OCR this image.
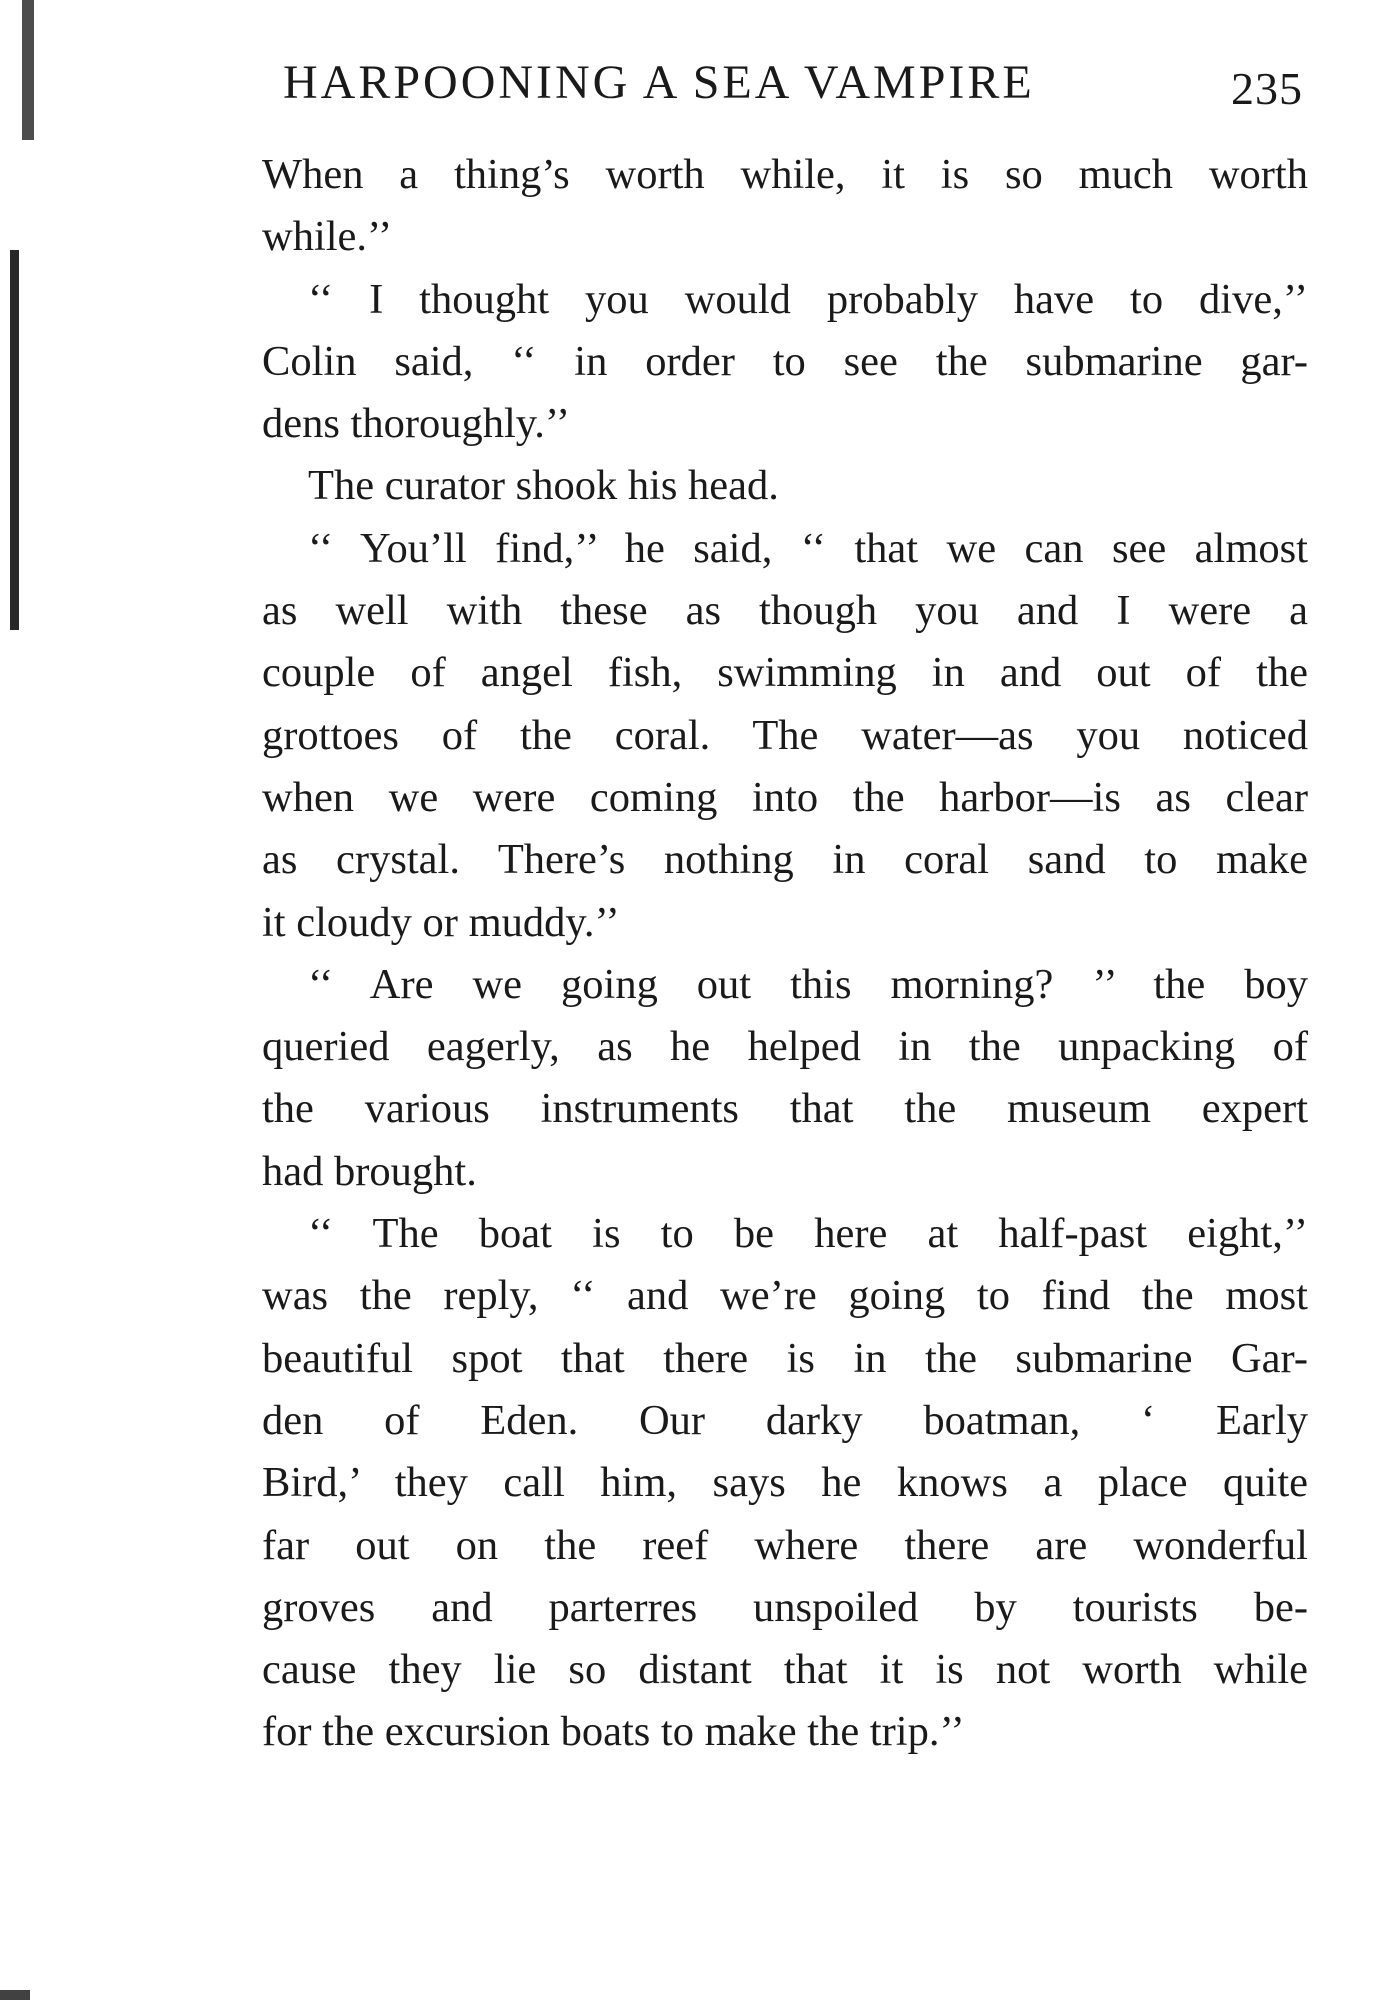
HARPOONING A SEA VAMPIRE	235
When a thing’s worth while, it is so much worth
while.’’
‘‘ I thought you would probably have to dive,’’
Colin said, ‘‘ in order to see the submarine gar-
dens thoroughly.’’
The curator shook his head.
‘‘ You’ll find,’’ he said, ‘‘ that we can see almost
as well with these as though you and I were a
couple of angel fish, swimming in and out of the
grottoes of the coral. The water—as you noticed
when we were coming into the harbor—is as clear
as crystal. There’s nothing in coral sand to make
it cloudy or muddy.’’
‘‘ Are we going out this morning? ’’ the boy
queried eagerly, as he helped in the unpacking of
the various instruments that the museum expert
had brought.
‘‘ The boat is to be here at half-past eight,’’
was the reply, ‘‘ and we’re going to find the most
beautiful spot that there is in the submarine Gar-
den of Eden. Our darky boatman, ‘ Early
Bird,’ they call him, says he knows a place quite
far out on the reef where there are wonderful
groves and parterres unspoiled by tourists be-
cause they lie so distant that it is not worth while
for the excursion boats to make the trip.’’
